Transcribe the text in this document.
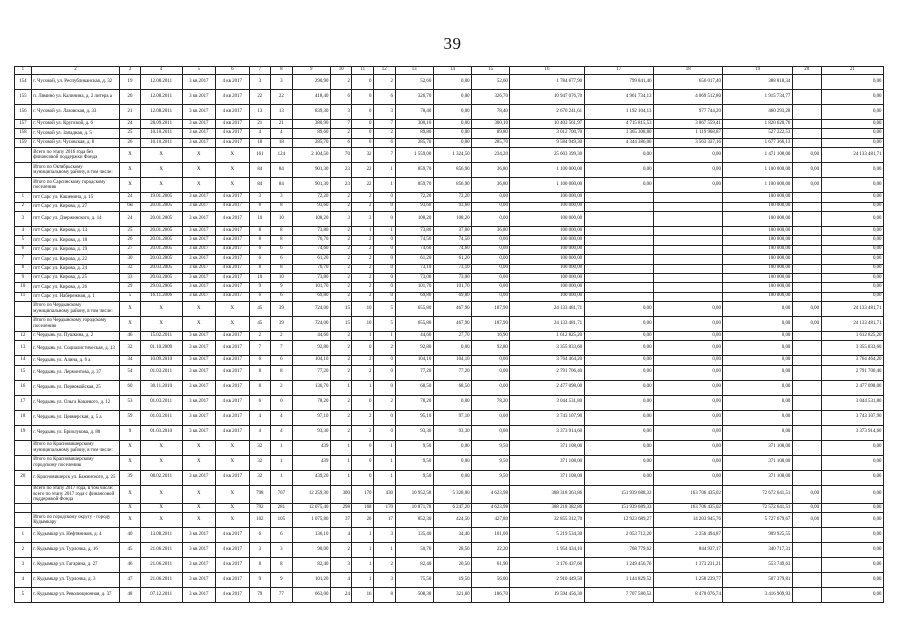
39
1	2	3	4	5	6	7	8	9	10	11	12	13	14	15	16	17	18	19	20	21
154	г. Чусовой, ул. Республиканская, д. 32	19	12.08.2011	3 кв 2017	4 кв 2017	3	3	290,90	2	0	2	52,60	0,00	52,60	1 784 677,90	799 841,46	656 017,40	388 818,34		0,00
155	п. Лямино ул. Калинина, д. 2 литера а	20	12.08.2011	3 кв 2017	4 кв 2017	22	22	418,40	6	0	6	326,70	0,00	326,70	10 947 076,70	4 961 734,13	4 069 512,80	1 915 734,77		0,00
156	г. Чусовой ул. Лазовская, д. 33	21	12.08.2011	3 кв 2017	4 кв 2017	13	13	839,30	3	0	3	78,40	0,00	78,40	2 670 241,61	1 192 104,13	977 744,20	460 293,28		0,00
157	г. Чусовой ул. Крупской, д. 6	24	28.09.2011	3 кв 2017	4 кв 2017	21	21	380,90	7	0	7	300,10	0,00	300,10	10 403 561,97	4 715 815,53	3 867 559,41	1 820 620,76		0,00
158	г. Чусовой ул. Западная, д. 5	25	10.10.2011	3 кв 2017	4 кв 2017	4	4	89,60	2	0	2	89,80	0,00	89,80	3 012 700,70	1 365 308,80	1 119 968,87	527 222,53		0,00
159	г. Чусовой ул. Чусовская, д. 8	26	10.10.2011	3 кв 2017	4 кв 2017	18	18	285,70	6	0	6	285,70	0,00	285,70	9 584 949,30	4 344 386,00	3 563 337,16	1 677 366,13		0,00
	Всего по этапу 2016 года без финансовой поддержки Фонда	X	X	X	X	161	124	2 104,50	70	32	7	1 559,00	1 324,50	234,20	25 603 399,30	0,00	0,00	1 471 108,00	0,00	24 133 481,71
	Итого по Октябрьскому муниципальному району, в том числе:	X	X	X	X	84	84	901,30	23	22	1	859,70	856,90	36,80	1 100 000,00	0,00	0,00	1 100 000,00	0,00	0,00
	Итого по Сарсинскому городскому поселению	X	X	X	X	84	84	901,30	23	22	1	859,70	856,90	36,80	1 100 000,00	0,00	0,00	1 100 000,00	0,00	0,00
1	пгт Сарс ул. Кашенина, д. 15	24	19.01.2005	3 кв 2017	4 кв 2017	3	3	72,20	2	2	0	72,20	72,20	0,00	100 000,00			100 000,00		0,00
2	пгт Сарс ул. Кирова, д. 27	6м	20.01.2005	3 кв 2017	4 кв 2017	8	8	93,60	2	2	0	93,60	93,60	0,00	100 000,00			100 000,00		0,00
3	пгт Сарс ул. Дзержинского, д. 14	24	20.01.2005	3 кв 2017	4 кв 2017	10	10	108,20	3	3	0	108,20	108,20	0,00	100 000,00			100 000,00		0,00
4	пгт Сарс ул. Кирова, д. 13	25	20.01.2005	3 кв 2017	4 кв 2017	8	8	73,80	2	1	1	73,80	37,00	36,80	100 000,00			100 000,00		0,00
5	пгт Сарс ул. Кирова, д. 18	26	20.01.2005	3 кв 2017	4 кв 2017	8	8	76,70	2	2	0	74,50	74,50	0,00	100 000,00			100 000,00		0,00
6	пгт Сарс ул. Кирова, д. 19	27	20.01.2005	3 кв 2017	4 кв 2017	6	6	74,60	2	2	0	74,60	74,60	0,00	100 000,00			100 000,00		0,00
7	пгт Сарс ул. Кирова, д. 22	30	20.03.2005	3 кв 2017	4 кв 2017	6	6	61,20	2	2	0	61,20	61,20	0,00	100 000,00			100 000,00		0,00
8	пгт Сарс ул. Кирова, д. 24	32	20.03.2005	3 кв 2017	4 кв 2017	8	8	76,70	2	2	0	73,10	73,10	0,00	100 000,00			100 000,00		0,00
9	пгт Сарс ул. Кирова, д. 25	33	20.03.2005	3 кв 2017	4 кв 2017	10	10	73,80	2	2	0	73,00	73,00	0,00	100 000,00			100 000,00		0,00
10	пгт Сарс ул. Кирова, д. 26	29	29.03.2005	3 кв 2017	4 кв 2017	9	9	101,70	2	2	0	101,70	101,70	0,00	100 000,00			100 000,00		0,00
11	пгт Сарс ул. Набережная, д. 1	5	16.11.2006	3 кв 2017	4 кв 2017	6	6	69,80	2	2	0	69,80	69,80	0,00	100 000,00			100 000,00		0,00
	Итого по Чердынскому муниципальному району, в том числе:	X	X	X	X	45	39	724,00	15	10	5	655,80	467,90	187,90	24 133 481,71	0,00	0,00	0,00	0,00	24 133 481,71
	Итого по Чердынскому городскому поселению	X	X	X	X	45	39	724,00	15	10	5	655,80	467,90	187,90	24 133 481,71	0,00	0,00	0,00	0,00	24 133 481,71
12	г. Чердынь ул. Пушкина, д. 2	46	15.02.2011	3 кв 2017	4 кв 2017	2	2	44,60	2	1	1	44,60	27,70	16,90	1 612 825,20	0,00	0,00	0,00		1 612 825,20
13	г. Чердынь ул. Социалистическая, д. 13	32	01.10.2009	3 кв 2017	4 кв 2017	7	7	92,80	2	0	2	92,80	0,00	92,80	3 355 833,60	0,00	0,00	0,00		3 355 833,60
14	г. Чердынь ул. Алина, д. 6 а	34	10.09.2010	3 кв 2017	4 кв 2017	6	6	104,10	2	2	0	104,10	104,10	0,00	3 764 464,20	0,00	0,00	0,00		3 764 464,20
15	г. Чердынь ул. Лермонтова, д. 37	54	01.03.2011	3 кв 2017	4 кв 2017	8	8	77,20	2	2	0	77,20	77,20	0,00	2 791 706,40	0,00	0,00	0,00		2 791 706,40
16	г. Чердынь ул. Первомайская, 25	60	30.11.2010	3 кв 2017	4 кв 2017	8	2	136,70	1	1	0	68,50	68,50	0,00	2 477 098,00	0,00	0,00	0,00		2 477 098,00
17	г. Чердынь ул. Ольга Кошевого, д. 12	53	01.03.2011	3 кв 2017	4 кв 2017	6	0	78,20	2	0	2	78,20	0,00	78,20	3 044 531,80	0,00	0,00	0,00		3 044 531,80
18	г. Чердынь ул. Цевмерская, д. 5 а	59	01.03.2011	3 кв 2017	4 кв 2017	4	4	97,10	2	2	0	95,10	97,10	0,00	3 743 107,90	0,00	0,00	0,00		3 743 107,90
19	г. Чердынь ул. Бриолукова, д. 88	9	01.03.2010	3 кв 2017	4 кв 2017	4	4	93,30	2	2	0	93,30	93,30	0,00	3 373 914,60	0,00	0,00	0,00		3 373 914,60
	Итого по Красновишерскому муниципальному району, в том числе:	X	X	X	X	32	1	439	1	0	1	9,50	0,00	9,50	371 108,00	0,00	0,00	371 108,00		0,00
	Итого по Красновишерскому городскому поселению	X	X	X	X	32	1	439	1	0	1	9,50	0,00	9,50	371 108,00	0,00	0,00	371 108,00		0,00
20	г. Красновишерск ул. Бажинского, д. 25	39	08.02.2011	3 кв 2017	4 кв 2017	32	1	439,20	1	0	1	9,50	0,00	9,50	371 108,00	0,00	0,00	371 108,00		0,00
	Всего по этапу 2017 года, в том числе: всего по этапу 2017 года с финансовой поддержкой Фонда	X	X	X	X	798	707	12 259,30	300	170	430	10 952,58	5 328,00	4 623,98	388 318 363,86	151 939 688,33	163 706 435,02	72 672 641,51	0,00	0,00
		X	X	X	X	792	281	12 075,40	298	168	170	10 871,78	6 247,20	4 623,98	388 218 382,86	151 939 689,33	163 706 435,02	72 572 641,51	0,00	0,00
	Итого по городскому округу - городу Кудымкару	X	X	X	X	102	105	1 075,80	37	20	17	852,30	424,50	427,80	32 855 312,70	12 923 689,27	14 203 945,76	5 727 679,67	0,00	0,00
1	г. Кудымкар ул. Нефтяников, д. 4	40	13.08.2011	3 кв 2017	4 кв 2017	6	6	136,10	4	1	3	135,40	34,40	101,00	5 219 534,30	2 053 712,20	2 256 494,87	909 925,55		0,00
2	г. Кудымкар ул. Турлочка, д. 16	45	21.06.2011	3 кв 2017	4 кв 2017	3	3	90,00	2	1	1	50,70	28,50	22,20	1 954 434,10	768 779,62	844 937,17	340 717,31		0,00
3	г. Кудымкар ул. Гагарина, д. 27	46	21.06.2011	3 кв 2017	4 кв 2017	8	8	82,40	3	1	2	82,40	20,50	61,90	3 176 437,60	1 249 456,76	1 373 231,21	553 749,63		0,00
4	г. Кудымкар ул. Турлочка, д. 3	47	21.06.2011	3 кв 2017	4 кв 2017	9	9	101,20	4	1	3	75,50	19,50	56,00	2 910 449,50	1 144 829,52	1 258 239,77	507 379,81		0,00
5	г. Кудымкар ул. Революционная, д. 37	48	07.12.2011	3 кв 2017	4 кв 2017	79	77	663,00	24	16	8	508,30	321,60	186,70	19 594 456,30	7 707 580,52	8 470 076,74	3 416 909,93		0,00
